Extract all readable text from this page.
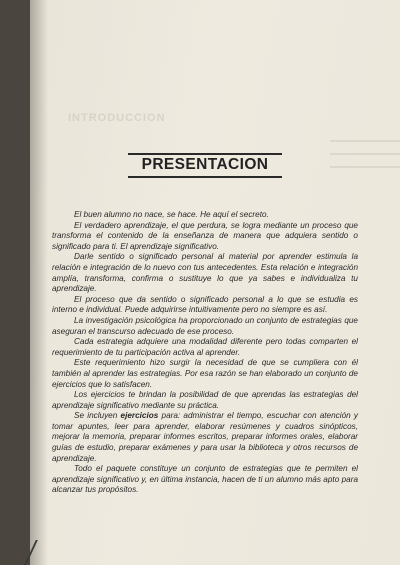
INTRODUCCION
PRESENTACION

El buen alumno no nace, se hace. He aquí el secreto.

El verdadero aprendizaje, el que perdura, se logra mediante un proceso que transforma el contenido de la enseñanza de manera que adquiera sentido o significado para ti. El aprendizaje significativo.

Darle sentido o significado personal al material por aprender estimula la relación e integración de lo nuevo con tus antecedentes. Esta relación e integración amplía, transforma, confirma o sustituye lo que ya sabes e individualiza tu aprendizaje.

El proceso que da sentido o significado personal a lo que se estudia es interno e individual. Puede adquirirse intuitivamente pero no siempre es así.

La investigación psicológica ha proporcionado un conjunto de estrategias que aseguran el transcurso adecuado de ese proceso.

Cada estrategia adquiere una modalidad diferente pero todas comparten el requerimiento de tu participación activa al aprender.

Este requerimiento hizo surgir la necesidad de que se cumpliera con él también al aprender las estrategias. Por esa razón se han elaborado un conjunto de ejercicios que lo satisfacen.

Los ejercicios te brindan la posibilidad de que aprendas las estrategias del aprendizaje significativo mediante su práctica.

Se incluyen ejercicios para: administrar el tiempo, escuchar con atención y tomar apuntes, leer para aprender, elaborar resúmenes y cuadros sinópticos, mejorar la memoria, preparar informes escritos, preparar informes orales, elaborar guías de estudio, preparar exámenes y para usar la biblioteca y otros recursos de aprendizaje.

Todo el paquete constituye un conjunto de estrategias que te permiten el aprendizaje significativo y, en última instancia, hacen de ti un alumno más apto para alcanzar tus propósitos.
